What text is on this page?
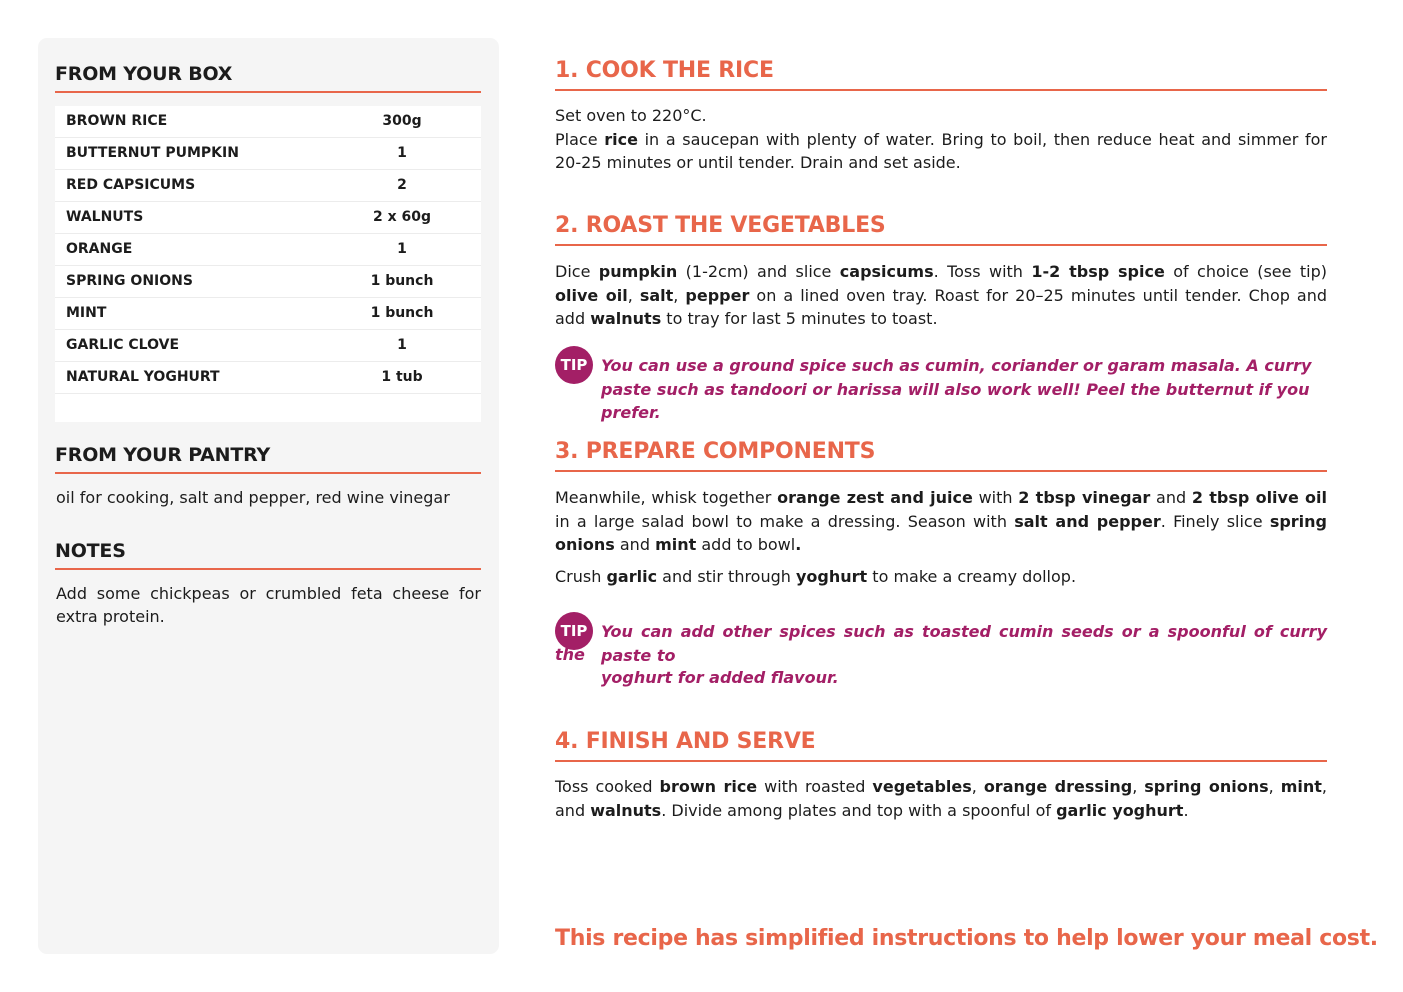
FROM YOUR BOX
BROWN RICE	300g
BUTTERNUT PUMPKIN	1
RED CAPSICUMS	2
WALNUTS	2 x 60g
ORANGE	1
SPRING ONIONS	1 bunch
MINT	1 bunch
GARLIC CLOVE	1
NATURAL YOGHURT	1 tub
FROM YOUR PANTRY

oil for cooking, salt and pepper, red wine vinegar

NOTES

Add some chickpeas or crumbled feta cheese for extra protein.

1. COOK THE RICE

Set oven to 220°C.
Place rice in a saucepan with plenty of water. Bring to boil, then reduce heat and simmer for 20-25 minutes or until tender. Drain and set aside.

2. ROAST THE VEGETABLES

Dice pumpkin (1-2cm) and slice capsicums. Toss with 1-2 tbsp spice of choice (see tip) olive oil, salt, pepper on a lined oven tray. Roast for 20–25 minutes until tender. Chop and add walnuts to tray for last 5 minutes to toast.

TIP You can use a ground spice such as cumin, coriander or garam masala. A curry paste such as tandoori or harissa will also work well! Peel the butternut if you prefer.

3. PREPARE COMPONENTS

Meanwhile, whisk together orange zest and juice with 2 tbsp vinegar and 2 tbsp olive oil in a large salad bowl to make a dressing. Season with salt and pepper. Finely slice spring onions and mint add to bowl.

Crush garlic and stir through yoghurt to make a creamy dollop.

TIP You can add other spices such as toasted cumin seeds or a spoonful of curry paste to

the

yoghurt for added flavour.

4. FINISH AND SERVE

Toss cooked brown rice with roasted vegetables, orange dressing, spring onions, mint, and walnuts. Divide among plates and top with a spoonful of garlic yoghurt.

This recipe has simplified instructions to help lower your meal cost.
